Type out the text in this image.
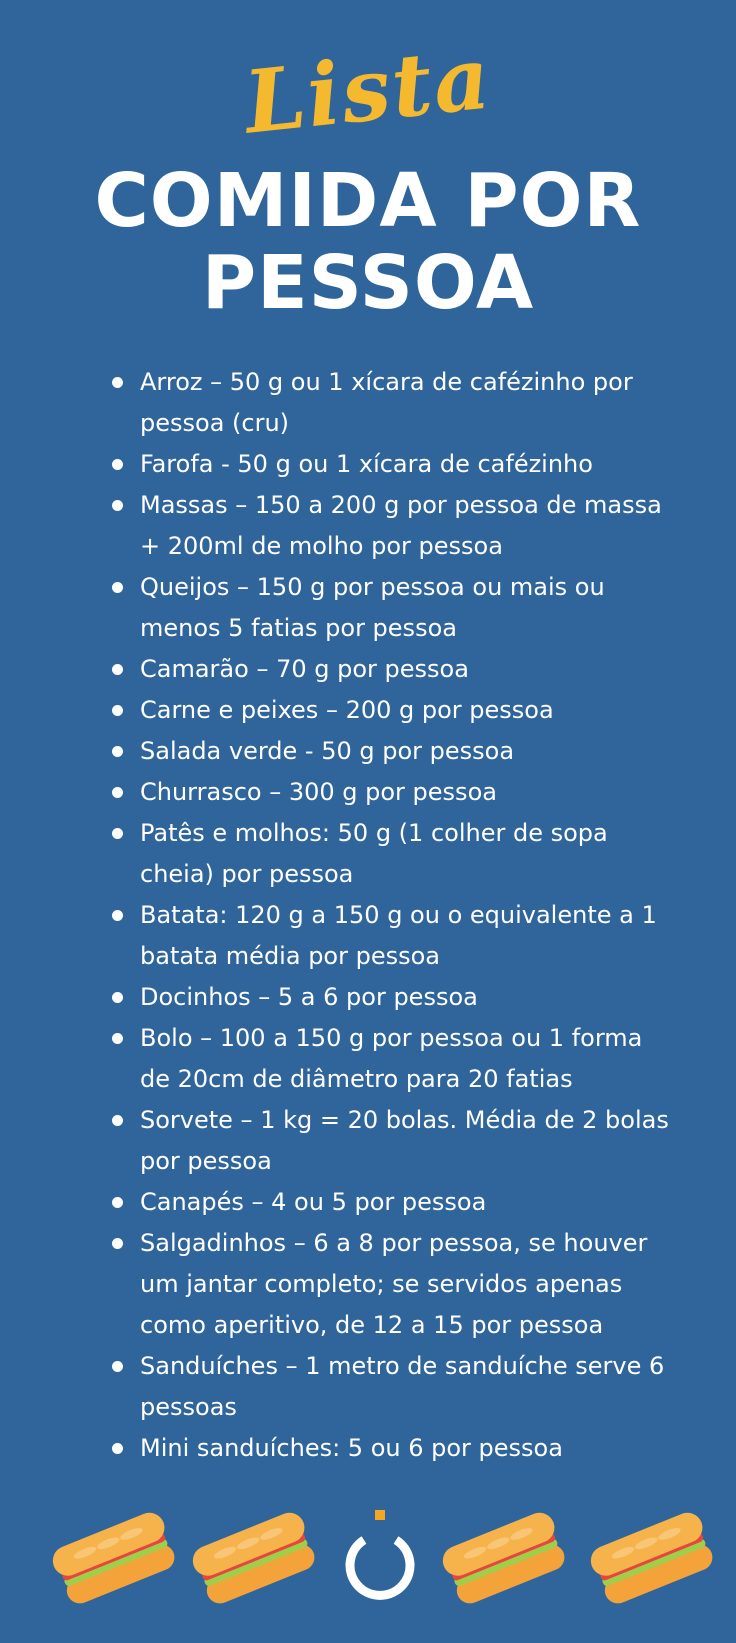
Lista
COMIDA POR
PESSOA
Arroz – 50 g ou 1 xícara de cafézinho por pessoa (cru)
Farofa - 50 g ou 1 xícara de cafézinho
Massas – 150 a 200 g por pessoa de massa + 200ml de molho por pessoa
Queijos – 150 g por pessoa ou mais ou menos 5 fatias por pessoa
Camarão – 70 g por pessoa
Carne e peixes – 200 g por pessoa
Salada verde - 50 g por pessoa
Churrasco – 300 g por pessoa
Patês e molhos: 50 g (1 colher de sopa cheia) por pessoa
Batata: 120 g a 150 g ou o equivalente a 1 batata média por pessoa
Docinhos – 5 a 6 por pessoa
Bolo – 100 a 150 g por pessoa ou 1 forma de 20cm de diâmetro para 20 fatias
Sorvete – 1 kg = 20 bolas. Média de 2 bolas por pessoa
Canapés – 4 ou 5 por pessoa
Salgadinhos – 6 a 8 por pessoa, se houver um jantar completo; se servidos apenas como aperitivo, de 12 a 15 por pessoa
Sanduíches – 1 metro de sanduíche serve 6 pessoas
Mini sanduíches: 5 ou 6 por pessoa
